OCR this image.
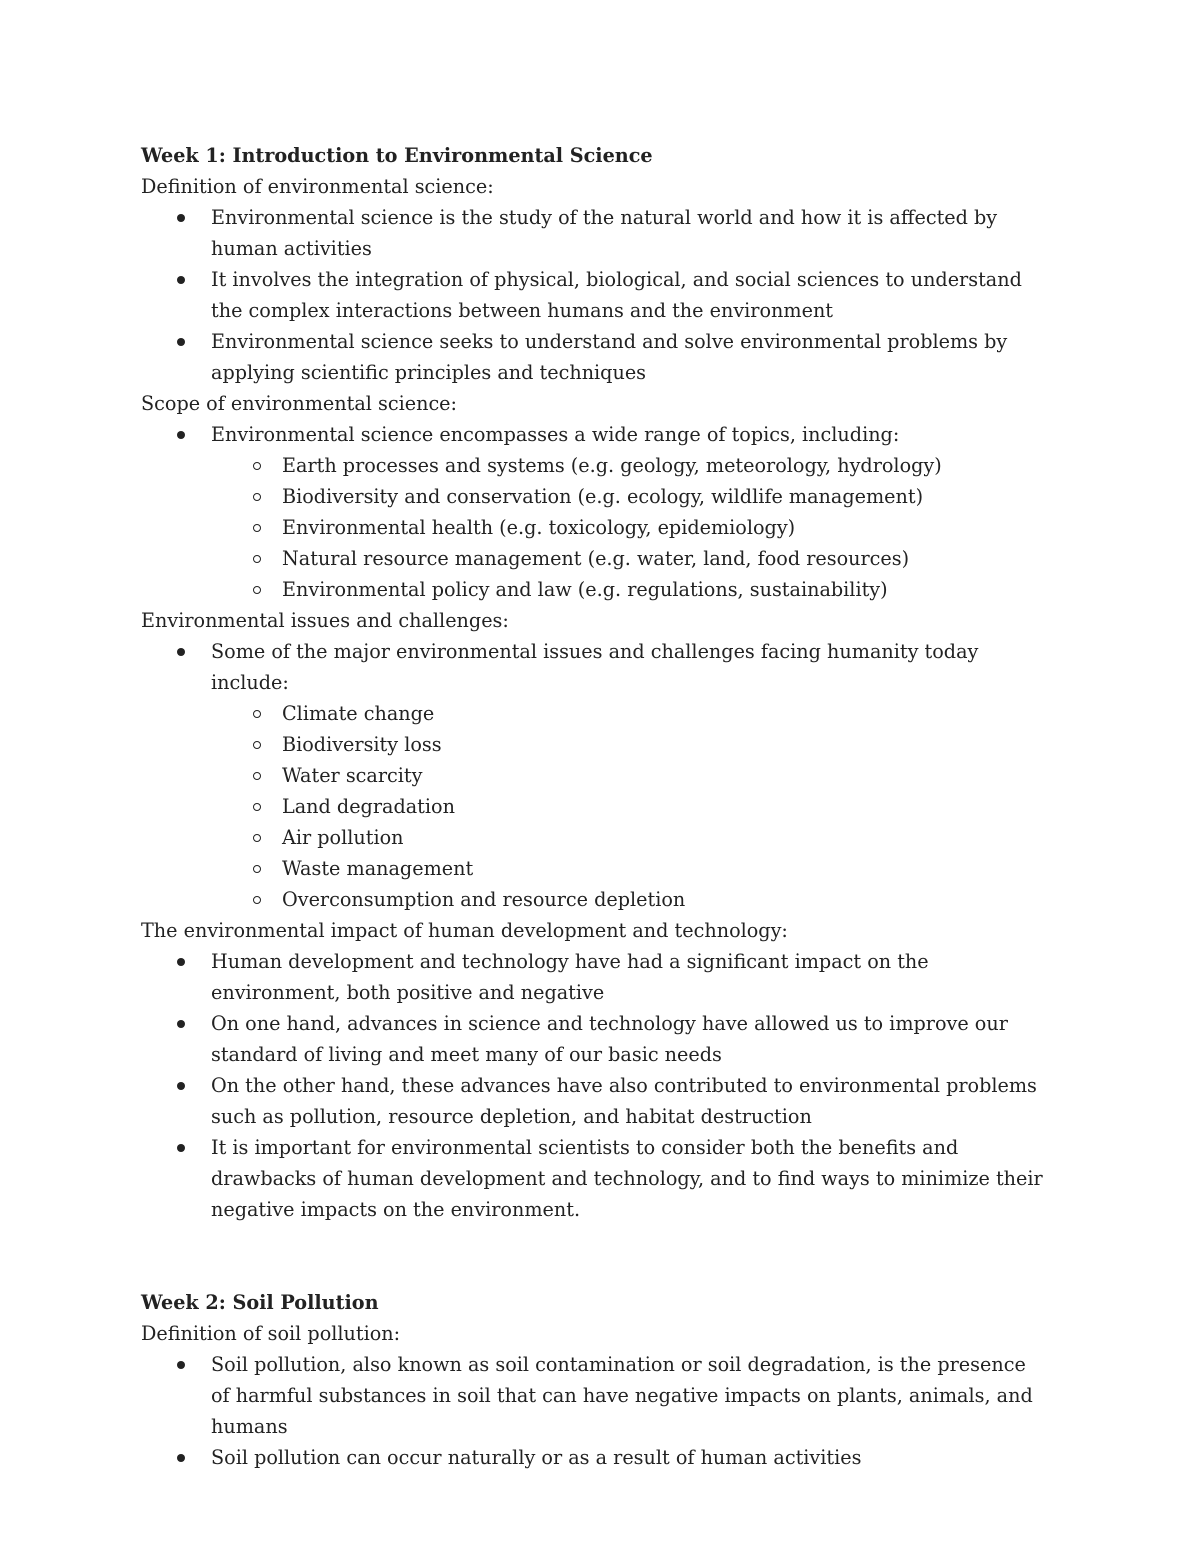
Week 1: Introduction to Environmental Science

Definition of environmental science:

Environmental science is the study of the natural world and how it is affected by human activities
It involves the integration of physical, biological, and social sciences to understand the complex interactions between humans and the environment
Environmental science seeks to understand and solve environmental problems by applying scientific principles and techniques

Scope of environmental science:

Environmental science encompasses a wide range of topics, including:
Earth processes and systems (e.g. geology, meteorology, hydrology)
Biodiversity and conservation (e.g. ecology, wildlife management)
Environmental health (e.g. toxicology, epidemiology)
Natural resource management (e.g. water, land, food resources)
Environmental policy and law (e.g. regulations, sustainability)

Environmental issues and challenges:

Some of the major environmental issues and challenges facing humanity today include:
Climate change
Biodiversity loss
Water scarcity
Land degradation
Air pollution
Waste management
Overconsumption and resource depletion

The environmental impact of human development and technology:

Human development and technology have had a significant impact on the environment, both positive and negative
On one hand, advances in science and technology have allowed us to improve our standard of living and meet many of our basic needs
On the other hand, these advances have also contributed to environmental problems such as pollution, resource depletion, and habitat destruction
It is important for environmental scientists to consider both the benefits and drawbacks of human development and technology, and to find ways to minimize their negative impacts on the environment.

Week 2: Soil Pollution

Definition of soil pollution:

Soil pollution, also known as soil contamination or soil degradation, is the presence of harmful substances in soil that can have negative impacts on plants, animals, and humans
Soil pollution can occur naturally or as a result of human activities
